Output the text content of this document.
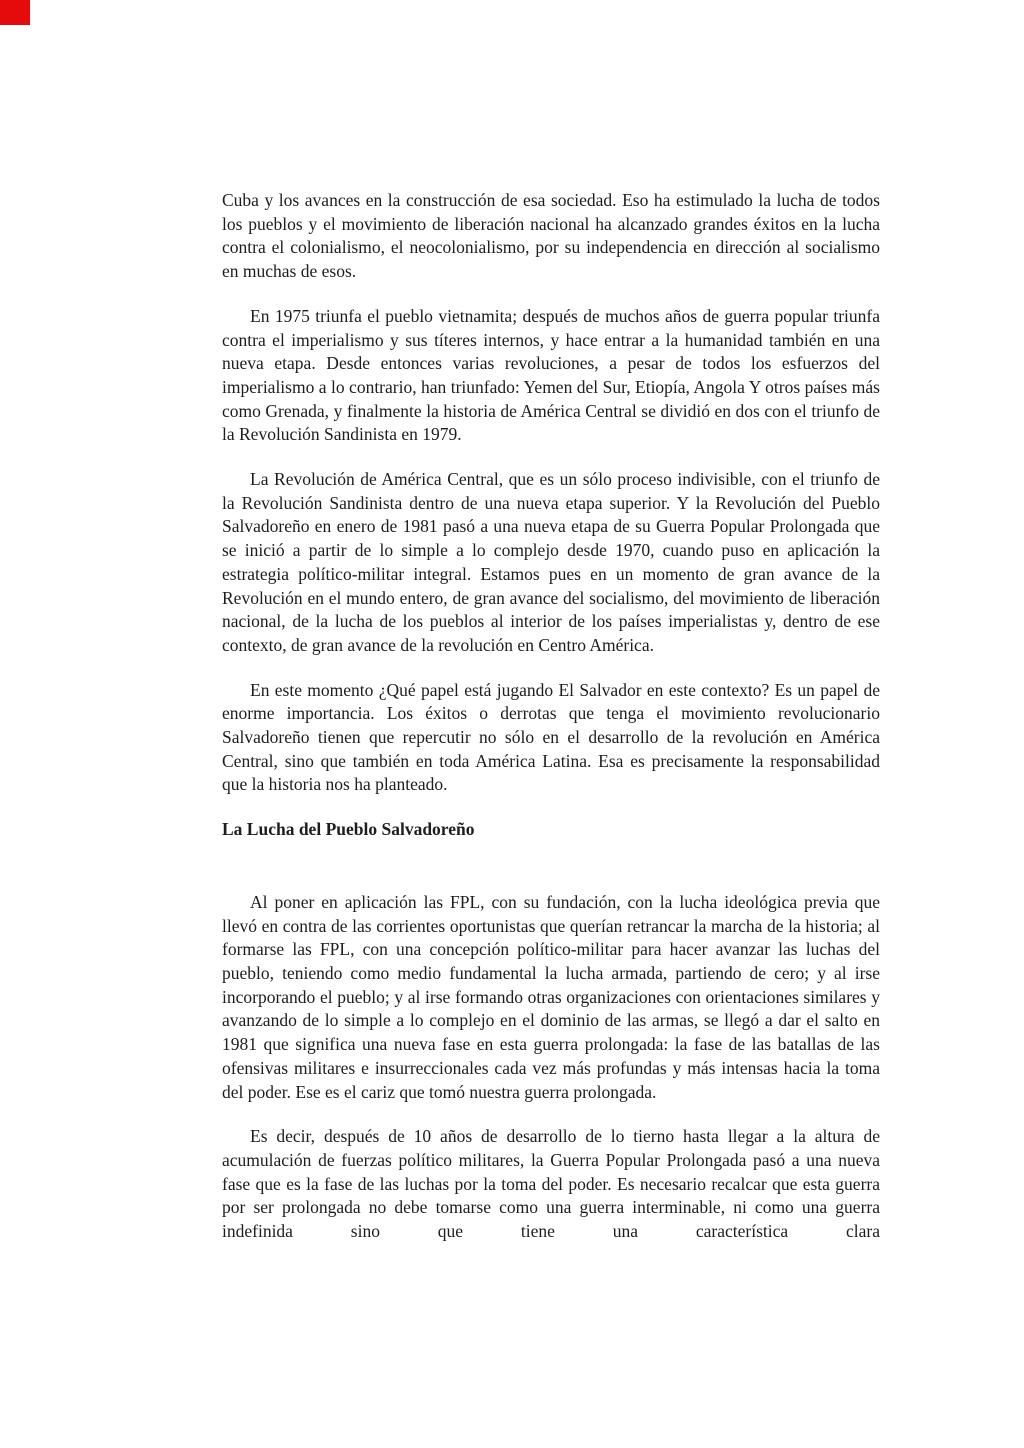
Cuba y los avances en la construcción de esa sociedad. Eso ha estimulado la lucha de todos los pueblos y el movimiento de liberación nacional ha alcanzado grandes éxitos en la lucha contra el colonialismo, el neocolonialismo, por su independencia en dirección al socialismo en muchas de esos.

En 1975 triunfa el pueblo vietnamita; después de muchos años de guerra popular triunfa contra el imperialismo y sus títeres internos, y hace entrar a la humanidad también en una nueva etapa. Desde entonces varias revoluciones, a pesar de todos los esfuerzos del imperialismo a lo contrario, han triunfado: Yemen del Sur, Etiopía, Angola Y otros países más como Grenada, y finalmente la historia de América Central se dividió en dos con el triunfo de la Revolución Sandinista en 1979.

La Revolución de América Central, que es un sólo proceso indivisible, con el triunfo de la Revolución Sandinista dentro de una nueva etapa superior. Y la Revolución del Pueblo Salvadoreño en enero de 1981 pasó a una nueva etapa de su Guerra Popular Prolongada que se inició a partir de lo simple a lo complejo desde 1970, cuando puso en aplicación la estrategia político-militar integral. Estamos pues en un momento de gran avance de la Revolución en el mundo entero, de gran avance del socialismo, del movimiento de liberación nacional, de la lucha de los pueblos al interior de los países imperialistas y, dentro de ese contexto, de gran avance de la revolución en Centro América.

En este momento ¿Qué papel está jugando El Salvador en este contexto? Es un papel de enorme importancia. Los éxitos o derrotas que tenga el movimiento revolucionario Salvadoreño tienen que repercutir no sólo en el desarrollo de la revolución en América Central, sino que también en toda América Latina. Esa es precisamente la responsabilidad que la historia nos ha planteado.

La Lucha del Pueblo Salvadoreño

Al poner en aplicación las FPL, con su fundación, con la lucha ideológica previa que llevó en contra de las corrientes oportunistas que querían retrancar la marcha de la historia; al formarse las FPL, con una concepción político-militar para hacer avanzar las luchas del pueblo, teniendo como medio fundamental la lucha armada, partiendo de cero; y al irse incorporando el pueblo; y al irse formando otras organizaciones con orientaciones similares y avanzando de lo simple a lo complejo en el dominio de las armas, se llegó a dar el salto en 1981 que significa una nueva fase en esta guerra prolongada: la fase de las batallas de las ofensivas militares e insurreccionales cada vez más profundas y más intensas hacia la toma del poder. Ese es el cariz que tomó nuestra guerra prolongada.

Es decir, después de 10 años de desarrollo de lo tierno hasta llegar a la altura de acumulación de fuerzas político militares, la Guerra Popular Prolongada pasó a una nueva fase que es la fase de las luchas por la toma del poder. Es necesario recalcar que esta guerra por ser prolongada no debe tomarse como una guerra interminable, ni como una guerra indefinida sino que tiene una característica clara
